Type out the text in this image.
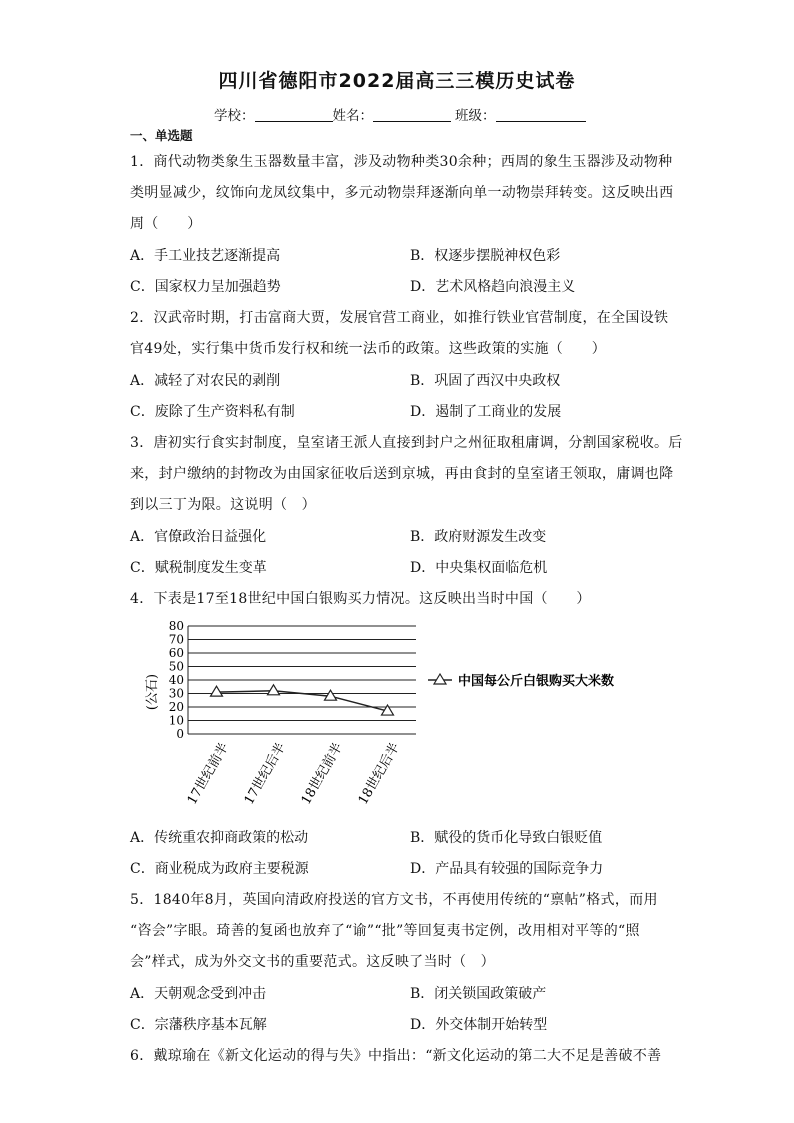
四川省德阳市2022届高三三模历史试卷
学校：	姓名：	班级：
一、单选题
1．商代动物类象生玉器数量丰富，涉及动物种类30余种；西周的象生玉器涉及动物种
类明显减少，纹饰向龙凤纹集中，多元动物崇拜逐渐向单一动物崇拜转变。这反映出西
周（　　）
A．手工业技艺逐渐提高	B．权逐步摆脱神权色彩
C．国家权力呈加强趋势	D．艺术风格趋向浪漫主义
2．汉武帝时期，打击富商大贾，发展官营工商业，如推行铁业官营制度，在全国设铁
官49处，实行集中货币发行权和统一法币的政策。这些政策的实施（　　）
A．减轻了对农民的剥削	B．巩固了西汉中央政权
C．废除了生产资料私有制	D．遏制了工商业的发展
3．唐初实行食实封制度，皇室诸王派人直接到封户之州征取租庸调，分割国家税收。后
来，封户缴纳的封物改为由国家征收后送到京城，再由食封的皇室诸王领取，庸调也降
到以三丁为限。这说明（　）
A．官僚政治日益强化	B．政府财源发生改变
C．赋税制度发生变革	D．中央集权面临危机
4．下表是17至18世纪中国白银购买力情况。这反映出当时中国（　　）
0
10
20
30
40
50
60
70
80
(公石)
17世纪前半 17世纪后半 18世纪前半 18世纪后半
中国每公斤白银购买大米数
A．传统重农抑商政策的松动	B．赋役的货币化导致白银贬值
C．商业税成为政府主要税源	D．产品具有较强的国际竞争力
5．1840年8月，英国向清政府投送的官方文书，不再使用传统的“禀帖”格式，而用
“咨会”字眼。琦善的复函也放弃了“谕”“批”等回复夷书定例，改用相对平等的“照
会”样式，成为外交文书的重要范式。这反映了当时（　）
A．天朝观念受到冲击	B．闭关锁国政策破产
C．宗藩秩序基本瓦解	D．外交体制开始转型
6．戴琼瑜在《新文化运动的得与失》中指出：“新文化运动的第二大不足是善破不善
